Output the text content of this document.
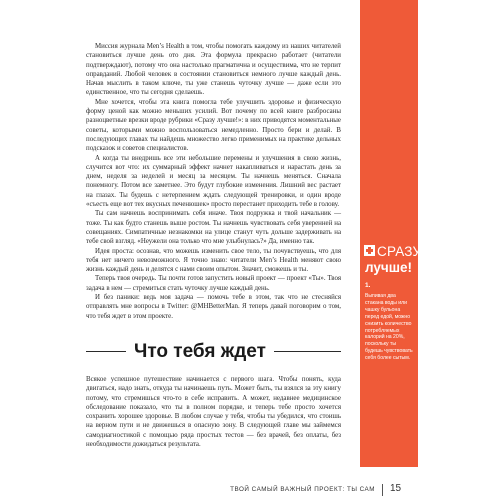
Миссия журнала Men’s Health в том, чтобы помогать каждому из наших читателей становиться лучше день ото дня. Эта формула прекрасно работает (читатели подтверждают), потому что она настолько прагматична и осуществима, что не терпит оправданий. Любой человек в состоянии становиться немного лучше каждый день. Начав мыслить в таком ключе, ты уже станешь чуточку лучше — даже если это единственное, что ты сегодня сделаешь.

Мне хочется, чтобы эта книга помогла тебе улучшить здоровье и физическую форму ценой как можно меньших усилий. Вот почему по всей книге разбросаны разноцветные врезки вроде рубрики «Сразу лучше!»: в них приводятся моментальные советы, которыми можно воспользоваться немедленно. Просто бери и делай. В последующих главах ты найдешь множество легко применимых на практике дельных подсказок и советов специалистов.

А когда ты внедришь все эти небольшие перемены и улучшения в свою жизнь, случится вот что: их суммарный эффект начнет накапливаться и нарастать день за днем, неделя за неделей и месяц за месяцем. Ты начнешь меняться. Сначала понемногу. Потом все заметнее. Это будут глубокие изменения. Лишний вес растает на глазах. Ты будешь с нетерпением ждать следующей тренировки, и один вроде «съесть еще вот тех вкусных печенюшек» просто перестанет приходить тебе в голову.

Ты сам начнешь воспринимать себя иначе. Твоя подружка и твой начальник — тоже. Ты как будто станешь выше ростом. Ты начнешь чувствовать себя уверенней на совещаниях. Симпатичные незнакомки на улице станут чуть дольше задерживать на тебе свой взгляд. «Неужели она только что мне улыбнулась?» Да, именно так.

Идея проста: осознав, что можешь изменить свое тело, ты почувствуешь, что для тебя нет ничего невозможного. Я точно знаю: читатели Men’s Health меняют свою жизнь каждый день и делятся с нами своим опытом. Значит, сможешь и ты.

Теперь твоя очередь. Ты почти готов запустить новый проект — проект «Ты». Твоя задача в нем — стремиться стать чуточку лучше каждый день.

И без паники: ведь моя задача — помочь тебе в этом, так что не стесняйся отправлять мне вопросы в Twitter: @MHBetterMan. Я теперь давай поговорим о том, что тебя ждет в этом проекте.

Что тебя ждет

Всякое успешное путешествие начинается с первого шага. Чтобы понять, куда двигаться, надо знать, откуда ты начинаешь путь. Может быть, ты взялся за эту книгу потому, что стремишься что-то в себе исправить. А может, недавнее медицинское обследование показало, что ты в полном порядке, и теперь тебе просто хочется сохранить хорошее здоровье. В любом случае у тебя, чтобы ты убедился, что стоишь на верном пути и не движешься в опасную зону. В следующей главе мы займемся самодиагностикой с помощью ряда простых тестов — без врачей, без оплаты, без необходимости дожидаться результата.

СРАЗУ
лучше!
1.

Выпивая два стакана воды или чашку бульона перед едой, можно снизить количество потребляемых калорий на 20%, поскольку ты будешь чувствовать себя более сытым.

ТВОЙ САМЫЙ ВАЖНЫЙ ПРОЕКТ: ТЫ САМ 15
